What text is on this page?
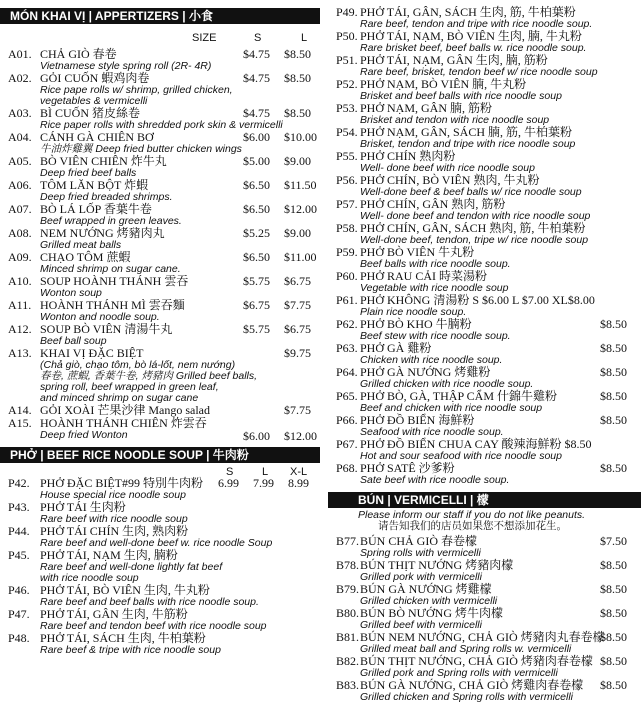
MÓN KHAI VỊ | APPERTIZERS | 小食
SIZE	S	L
A01. CHẢ GIÒ 春卷	$4.75 $8.50
Vietnamese style spring roll (2R- 4R)
A02. GỎI CUỐN 蝦鸡肉卷	$4.75 $8.50
Rice pape rolls w/ shrimp, grilled chicken,
vegetables & vermicelli
A03. BÌ CUỐN 猪皮絲卷	$4.75 $8.50
Rice paper rolls with shredded pork skin & vermicelli
A04. CÁNH GÀ CHIÊN BƠ	$6.00 $10.00
牛油炸雞翼 Deep fried butter chicken wings
A05. BÒ VIÊN CHIÊN 炸牛丸	$5.00 $9.00
Deep fried beef balls
A06. TÔM LĂN BỘT 炸蝦	$6.50 $11.50
Deep fried breaded shrimps.
A07. BÒ LÁ LỐP 香葉牛卷	$6.50 $12.00
Beef wrapped in green leaves.
A08. NEM NƯỚNG 烤豬肉丸	$5.25 $9.00
Grilled meat balls
A09. CHẠO TÔM 蔗蝦	$6.50 $11.00
Minced shrimp on sugar cane.
A10. SOUP HOÀNH THÁNH 雲吞	$5.75 $6.75
Wonton soup
A11. HOÀNH THÁNH MÌ 雲吞麵	$6.75 $7.75
Wonton and noodle soup.
A12. SOUP BÒ VIÊN 清湯牛丸	$5.75 $6.75
Beef ball soup
A13. KHAI VỊ ĐẶC BIỆT	$9.75
(Chả giò, chạo tôm, bò lá-lốt, nem nướng)
春卷, 蔗蝦, 香葉牛卷, 烤豬肉 Grilled beef balls,
spring roll, beef wrapped in green leaf,
and minced shrimp on sugar cane
A14. GỎI XOÀI 芒果沙律 Mango salad	$7.75
A15. HOÀNH THÁNH CHIÊN 炸雲吞
Deep fried Wonton	$6.00 $12.00
PHỞ | BEEF RICE NOODLE SOUP | 牛肉粉
S	L X-L
P42. PHỞ ĐẶC BIỆT#99 特別牛肉粉 6.99 7.99 8.99
House special rice noodle soup
P43. PHỞ TÁI 生肉粉
Rare beef with rice noodle soup
P44. PHỞ TÁI CHÍN 生肉, 熟肉粉
Rare beef and well-done beef w. rice noodle Soup
P45. PHỞ TÁI, NẠM 生肉, 腩粉
Rare beef and well-done lightly fat beef
with rice noodle soup
P46. PHỞ TÁI, BÒ VIÊN 生肉, 牛丸粉
Rare beef and beef balls with rice noodle soup.
P47. PHỞ TÁI, GÂN 生肉, 牛筋粉
Rare beef and tendon beef with rice noodle soup
P48. PHỞ TÁI, SÁCH 生肉, 牛柏葉粉
Rare beef & tripe with rice noodle soup
P49. PHỞ TÁI, GÂN, SÁCH 生肉, 筋, 牛柏葉粉
Rare beef, tendon and tripe with rice noodle soup.
P50. PHỞ TÁI, NẠM, BÒ VIÊN 生肉, 腩, 牛丸粉
Rare brisket beef, beef balls w. rice noodle soup.
P51. PHỞ TÁI, NẠM, GÂN 生肉, 腩, 筋粉
Rare beef, brisket, tendon beef w/ rice noodle soup
P52. PHỞ NẠM, BÒ VIÊN 腩, 牛丸粉
Brisket and beef balls with rice noodle soup
P53. PHỞ NẠM, GÂN 腩, 筋粉
Brisket and tendon with rice noodle soup
P54. PHỞ NẠM, GÂN, SÁCH 腩, 筋, 牛柏葉粉
Brisket, tendon and tripe with rice noodle soup
P55. PHỞ CHÍN 熟肉粉
Well- done beef with rice noodle soup
P56. PHỞ CHÍN, BÒ VIÊN 熟肉, 牛丸粉
Well-done beef & beef balls w/ rice noodle soup
P57. PHỞ CHÍN, GÂN 熟肉, 筋粉
Well- done beef and tendon with rice noodle soup
P58. PHỞ CHÍN, GÂN, SÁCH 熟肉, 筋, 牛柏葉粉
Well-done beef, tendon, tripe w/ rice noodle soup
P59. PHỞ BÒ VIÊN 牛丸粉
Beef balls with rice noodle soup.
P60. PHỞ RAU CẢI 時菜湯粉
Vegetable with rice noodle soup
P61. PHỞ KHÔNG 清湯粉 S $6.00 L $7.00 XL$8.00
Plain rice noodle soup.
P62. PHỞ BÒ KHO 牛腩粉	$8.50
Beef stew with rice noodle soup.
P63. PHỞ GÀ 雞粉	$8.50
Chicken with rice noodle soup.
P64. PHỞ GÀ NƯỚNG 烤雞粉	$8.50
Grilled chicken with rice noodle soup.
P65. PHỞ BÒ, GÀ, THẬP CẨM 什錦牛雞粉	$8.50
Beef and chicken with rice noodle soup
P66. PHỞ ĐỒ BIỂN 海鮮粉	$8.50
Seafood with rice noodle soup.
P67. PHỞ ĐỒ BIỂN CHUA CAY 酸辣海鮮粉 $8.50
Hot and sour seafood with rice noodle soup
P68. PHỞ SATÊ 沙爹粉	$8.50
Sate beef with rice noodle soup.
BÚN | VERMICELLI | 檬
Please inform our staff if you do not like peanuts.
请告知我们的店员如果您不想添加花生。
B77. BÚN CHẢ GIÒ 春卷檬	$7.50
Spring rolls with vermicelli
B78. BÚN THỊT NƯỚNG 烤豬肉檬	$8.50
Grilled pork with vermicelli
B79. BÚN GÀ NƯỚNG 烤雞檬	$8.50
Grilled chicken with vermicelli
B80. BÚN BÒ NƯỚNG 烤牛肉檬	$8.50
Grilled beef with vermicelli
B81. BÚN NEM NƯỚNG, CHẢ GIÒ 烤豬肉丸春卷檬
$8.50
Grilled meat ball and Spring rolls w. vermicelli
B82. BÚN THỊT NƯỚNG, CHẢ GIÒ 烤豬肉春卷檬 $8.50
Grilled pork and Spring rolls with vermicelli
B83. BÚN GÀ NƯỚNG, CHẢ GIÒ 烤雞肉春卷檬 $8.50
Grilled chicken and Spring rolls with vermicelli
